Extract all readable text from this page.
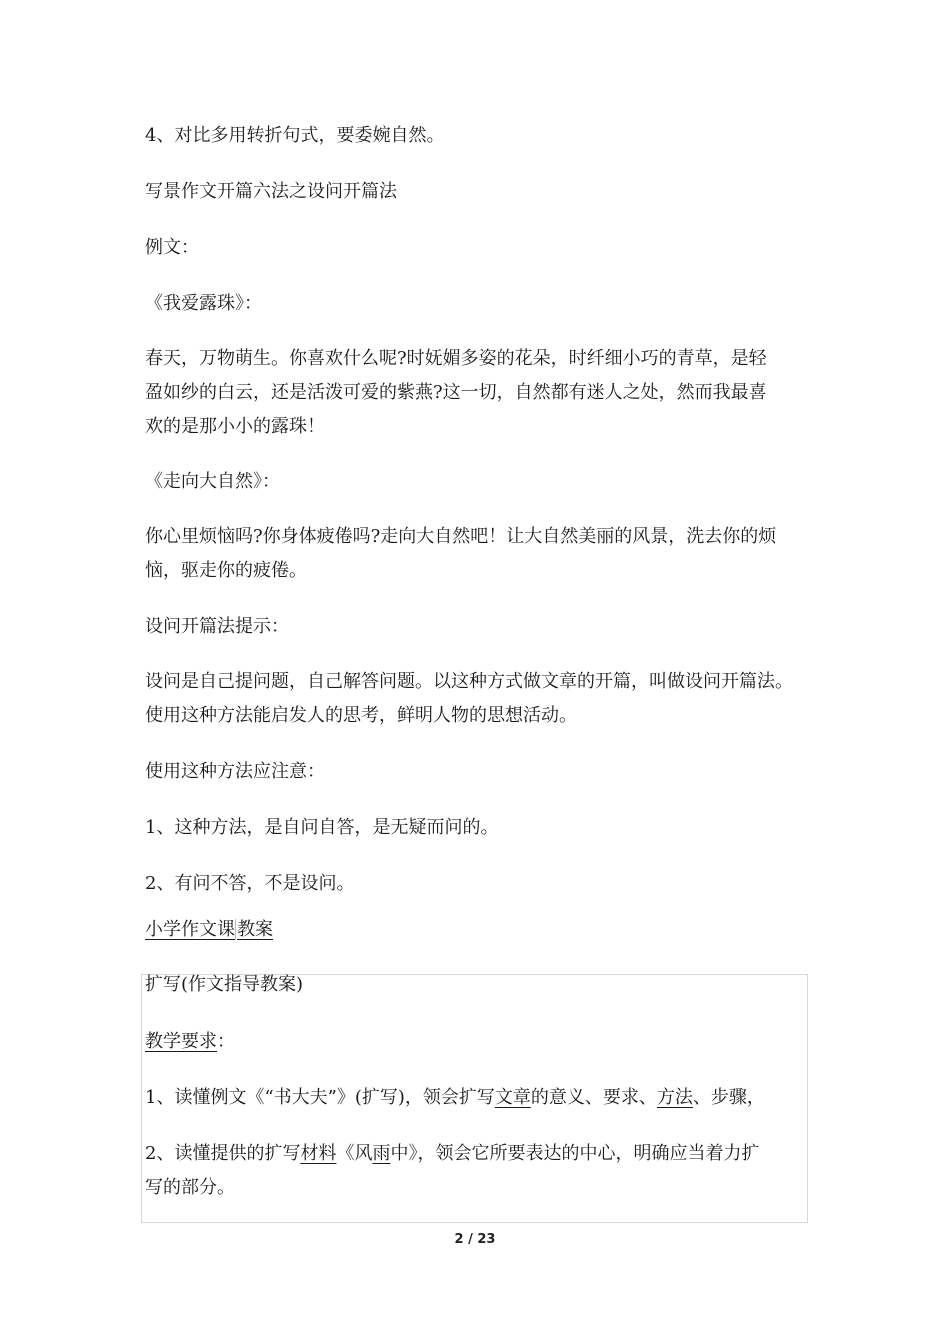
4、对比多用转折句式，要委婉自然。

写景作文开篇六法之设问开篇法

例文：

《我爱露珠》：

春天，万物萌生。你喜欢什么呢?时妩媚多姿的花朵，时纤细小巧的青草，是轻
盈如纱的白云，还是活泼可爱的紫燕?这一切，自然都有迷人之处，然而我最喜
欢的是那小小的露珠！

《走向大自然》：

你心里烦恼吗?你身体疲倦吗?走向大自然吧！让大自然美丽的风景，洗去你的烦
恼，驱走你的疲倦。

设问开篇法提示：

设问是自己提问题，自己解答问题。以这种方式做文章的开篇，叫做设问开篇法。
使用这种方法能启发人的思考，鲜明人物的思想活动。

使用这种方法应注意：

1、这种方法，是自问自答，是无疑而问的。

2、有问不答，不是设问。

小学作文课 教案

扩写(作文指导教案)

教学要求：

1、读懂例文《“书大夫”》(扩写)，领会扩写文章的意义、要求、方法、步骤，

2、读懂提供的扩写材料《风雨中》，领会它所要表达的中心，明确应当着力扩
写的部分。
2 / 23
